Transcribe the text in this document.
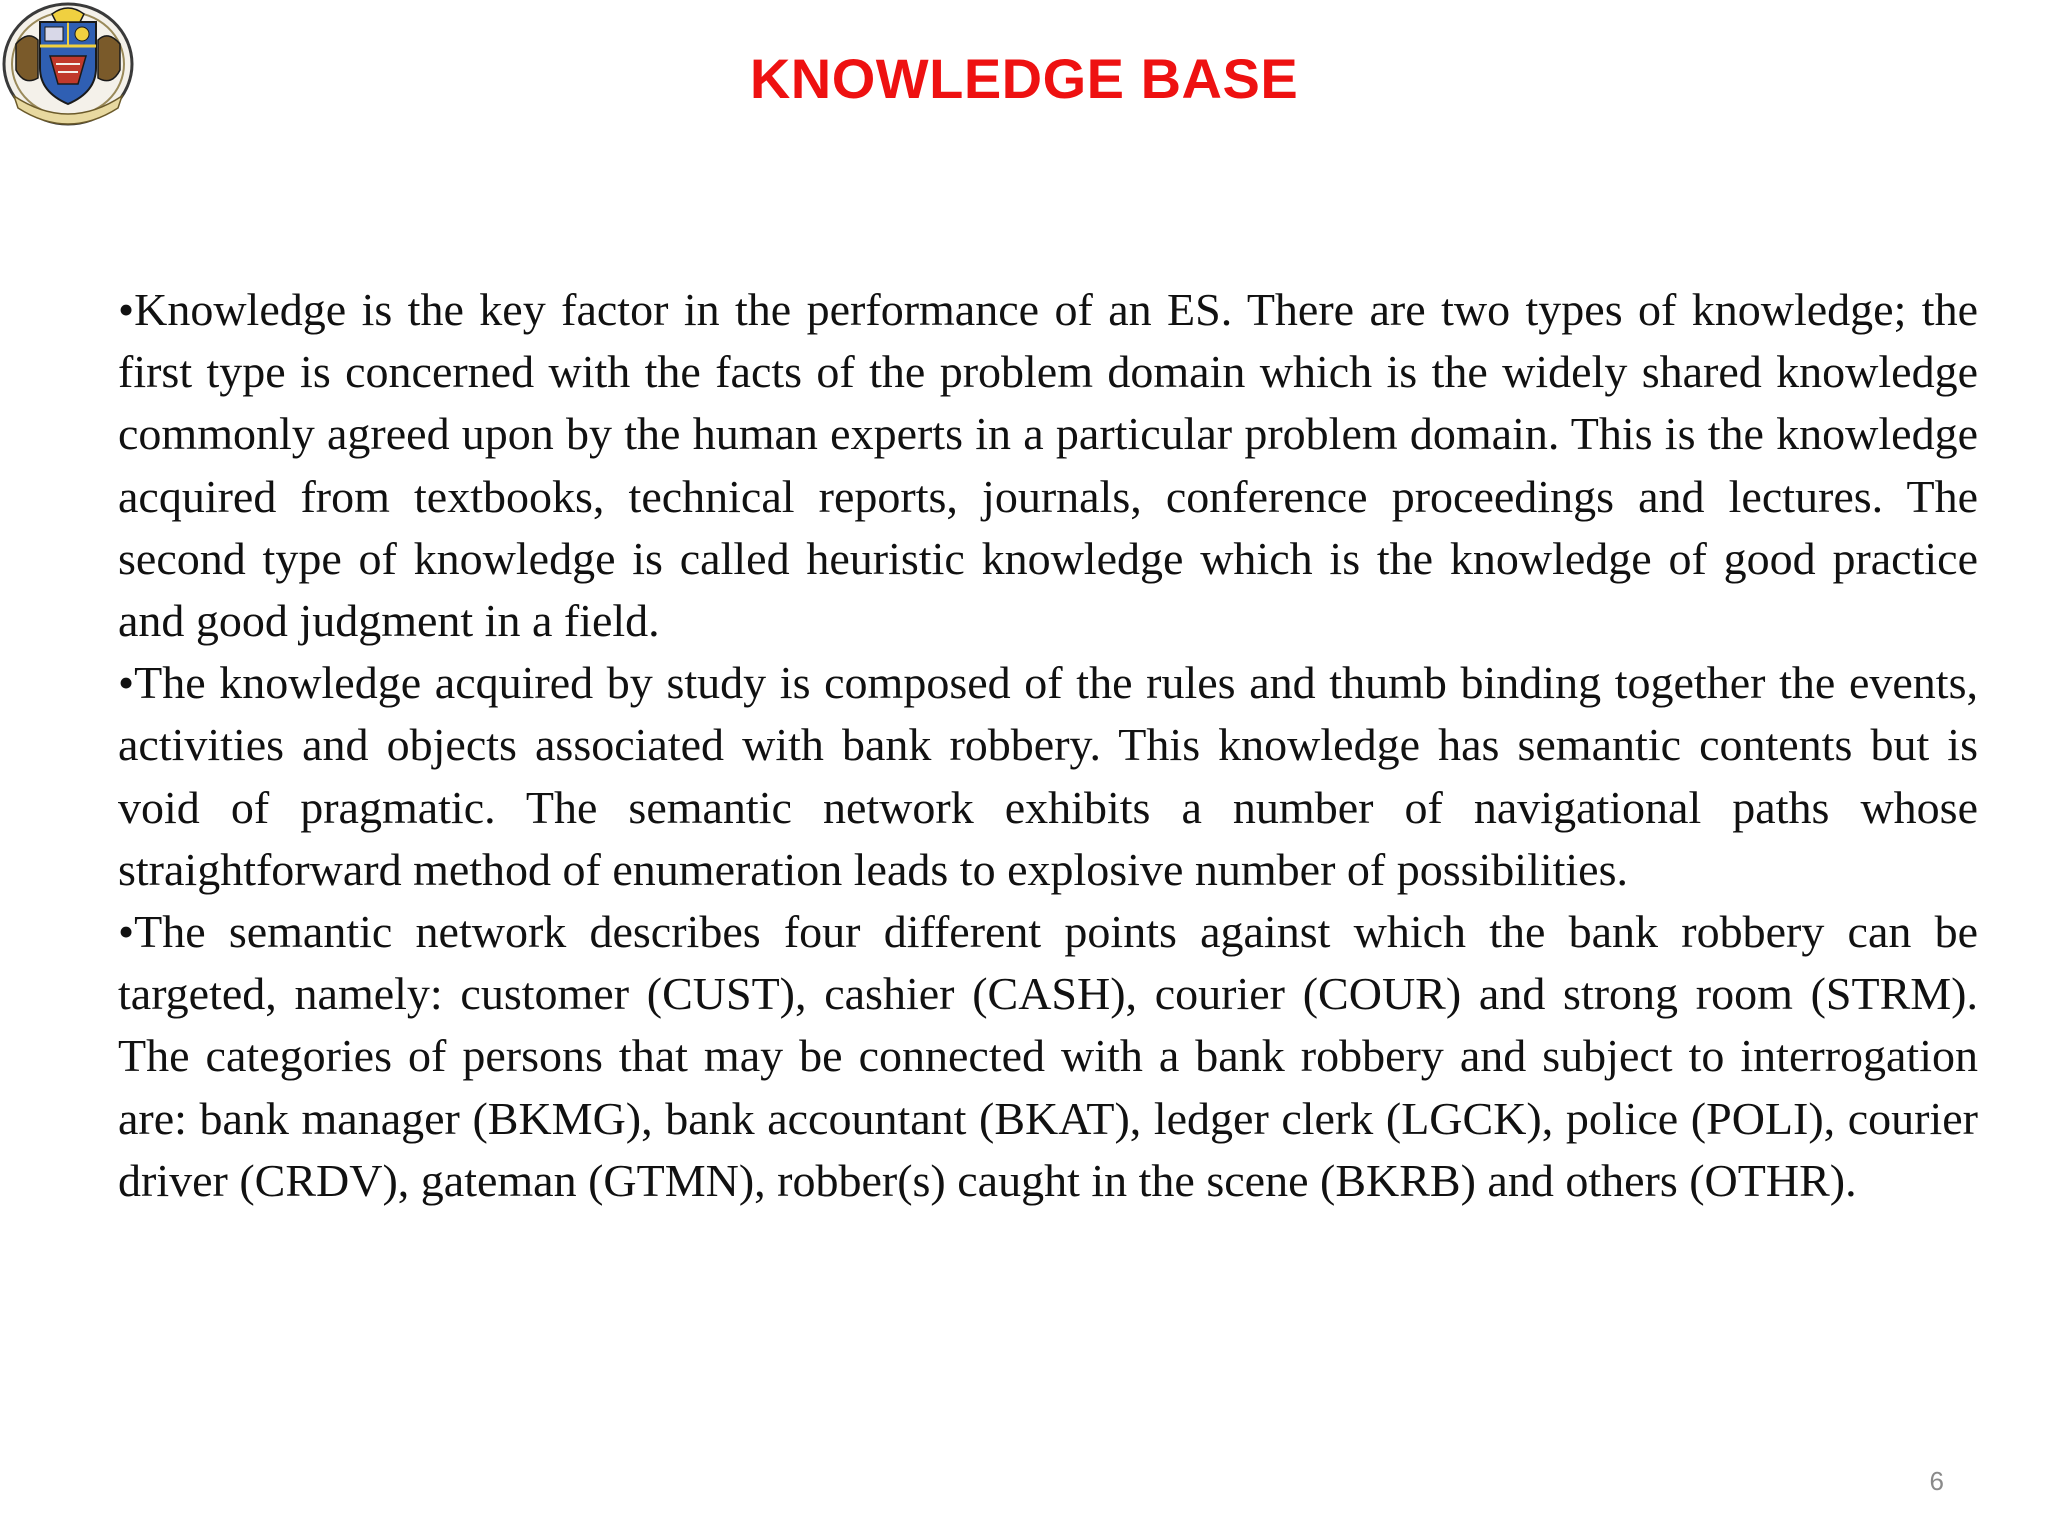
KNOWLEDGE BASE

•Knowledge is the key factor in the performance of an ES. There are two types of knowledge; the first type is concerned with the facts of the problem domain which is the widely shared knowledge commonly agreed upon by the human experts in a particular problem domain. This is the knowledge acquired from textbooks, technical reports, journals, conference proceedings and lectures. The second type of knowledge is called heuristic knowledge which is the knowledge of good practice and good judgment in a field.

•The knowledge acquired by study is composed of the rules and thumb binding together the events, activities and objects associated with bank robbery. This knowledge has semantic contents but is void of pragmatic. The semantic network exhibits a number of navigational paths whose straightforward method of enumeration leads to explosive number of possibilities.

•The semantic network describes four different points against which the bank robbery can be targeted, namely: customer (CUST), cashier (CASH), courier (COUR) and strong room (STRM). The categories of persons that may be connected with a bank robbery and subject to interrogation are: bank manager (BKMG), bank accountant (BKAT), ledger clerk (LGCK), police (POLI), courier driver (CRDV), gateman (GTMN), robber(s) caught in the scene (BKRB) and others (OTHR).

6
